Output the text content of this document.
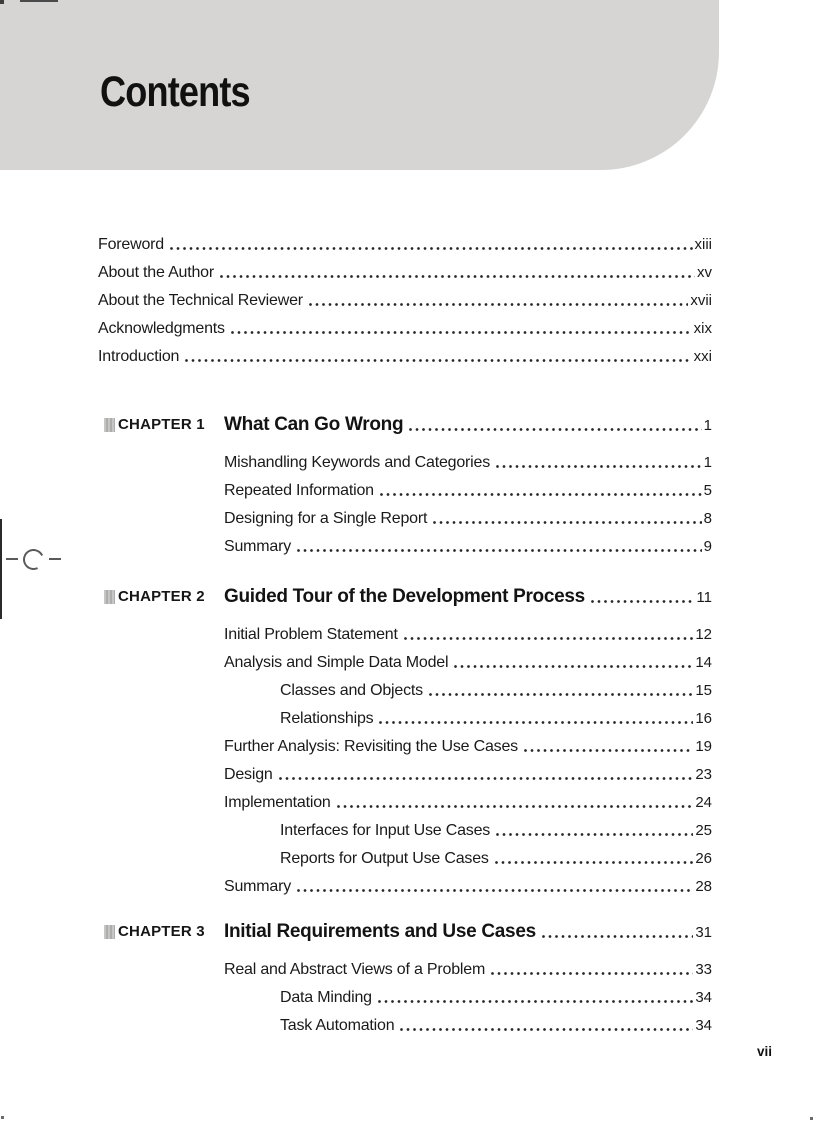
Contents
Foreword	xiii
About the Author	xv
About the Technical Reviewer	xvii
Acknowledgments	xix
Introduction	xxi
CHAPTER 1 What Can Go Wrong	1
Mishandling Keywords and Categories	1
Repeated Information	5
Designing for a Single Report	8
Summary	9
CHAPTER 2 Guided Tour of the Development Process	11
Initial Problem Statement	12
Analysis and Simple Data Model	14
Classes and Objects	15
Relationships	16
Further Analysis: Revisiting the Use Cases	19
Design	23
Implementation	24
Interfaces for Input Use Cases	25
Reports for Output Use Cases	26
Summary	28
CHAPTER 3 Initial Requirements and Use Cases	31
Real and Abstract Views of a Problem	33
Data Minding	34
Task Automation	34
vii
